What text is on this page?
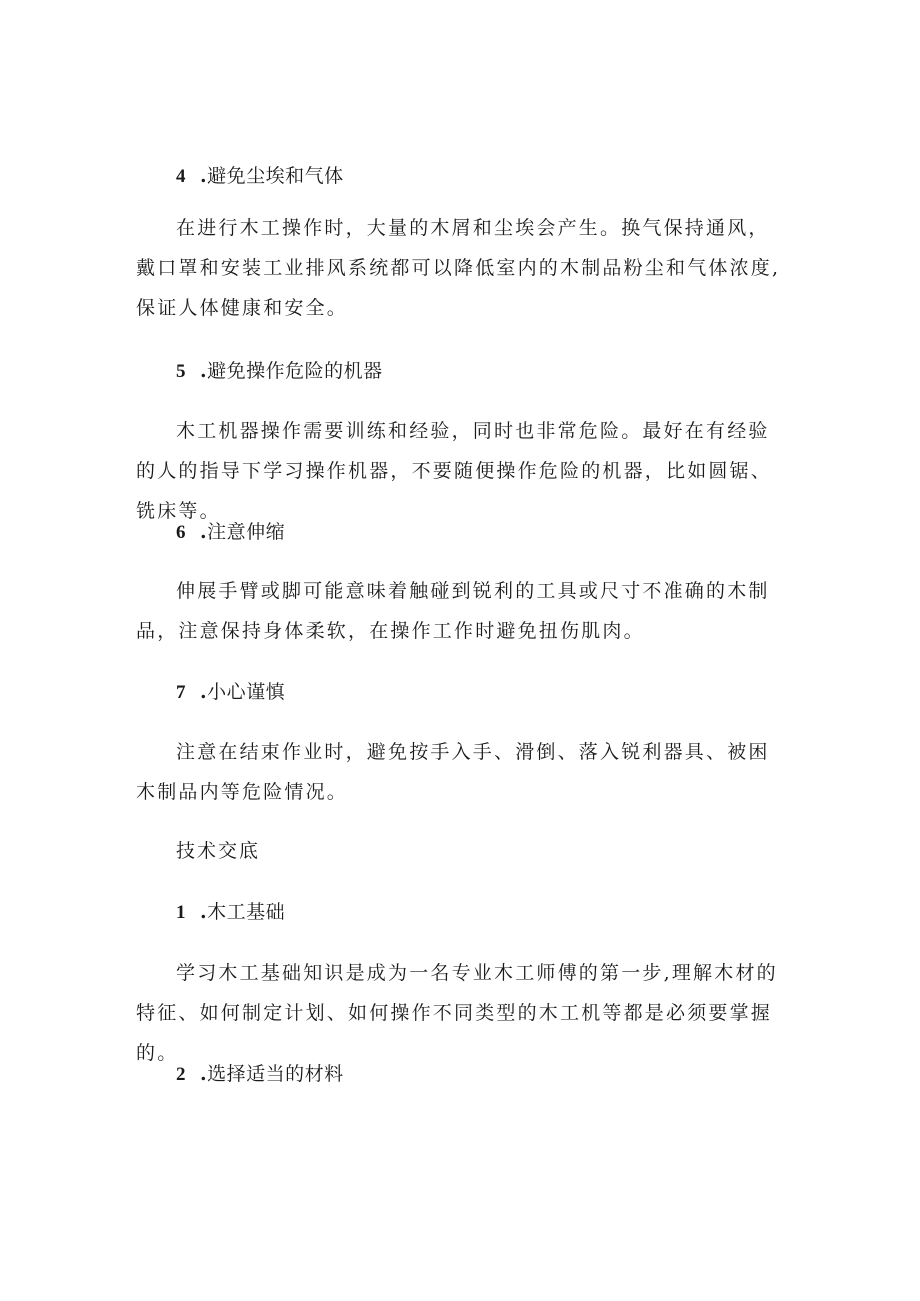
4 .避免尘埃和气体

在进行木工操作时，大量的木屑和尘埃会产生。换气保持通风，戴口罩和安装工业排风系统都可以降低室内的木制品粉尘和气体浓度,保证人体健康和安全。

5 .避免操作危险的机器

木工机器操作需要训练和经验，同时也非常危险。最好在有经验的人的指导下学习操作机器，不要随便操作危险的机器，比如圆锯、铣床等。

6 .注意伸缩

伸展手臂或脚可能意味着触碰到锐利的工具或尺寸不准确的木制品，注意保持身体柔软，在操作工作时避免扭伤肌肉。

7 .小心谨慎

注意在结束作业时，避免按手入手、滑倒、落入锐利器具、被困木制品内等危险情况。

技术交底
1 .木工基础

学习木工基础知识是成为一名专业木工师傅的第一步,理解木材的特征、如何制定计划、如何操作不同类型的木工机等都是必须要掌握的。

2 .选择适当的材料
